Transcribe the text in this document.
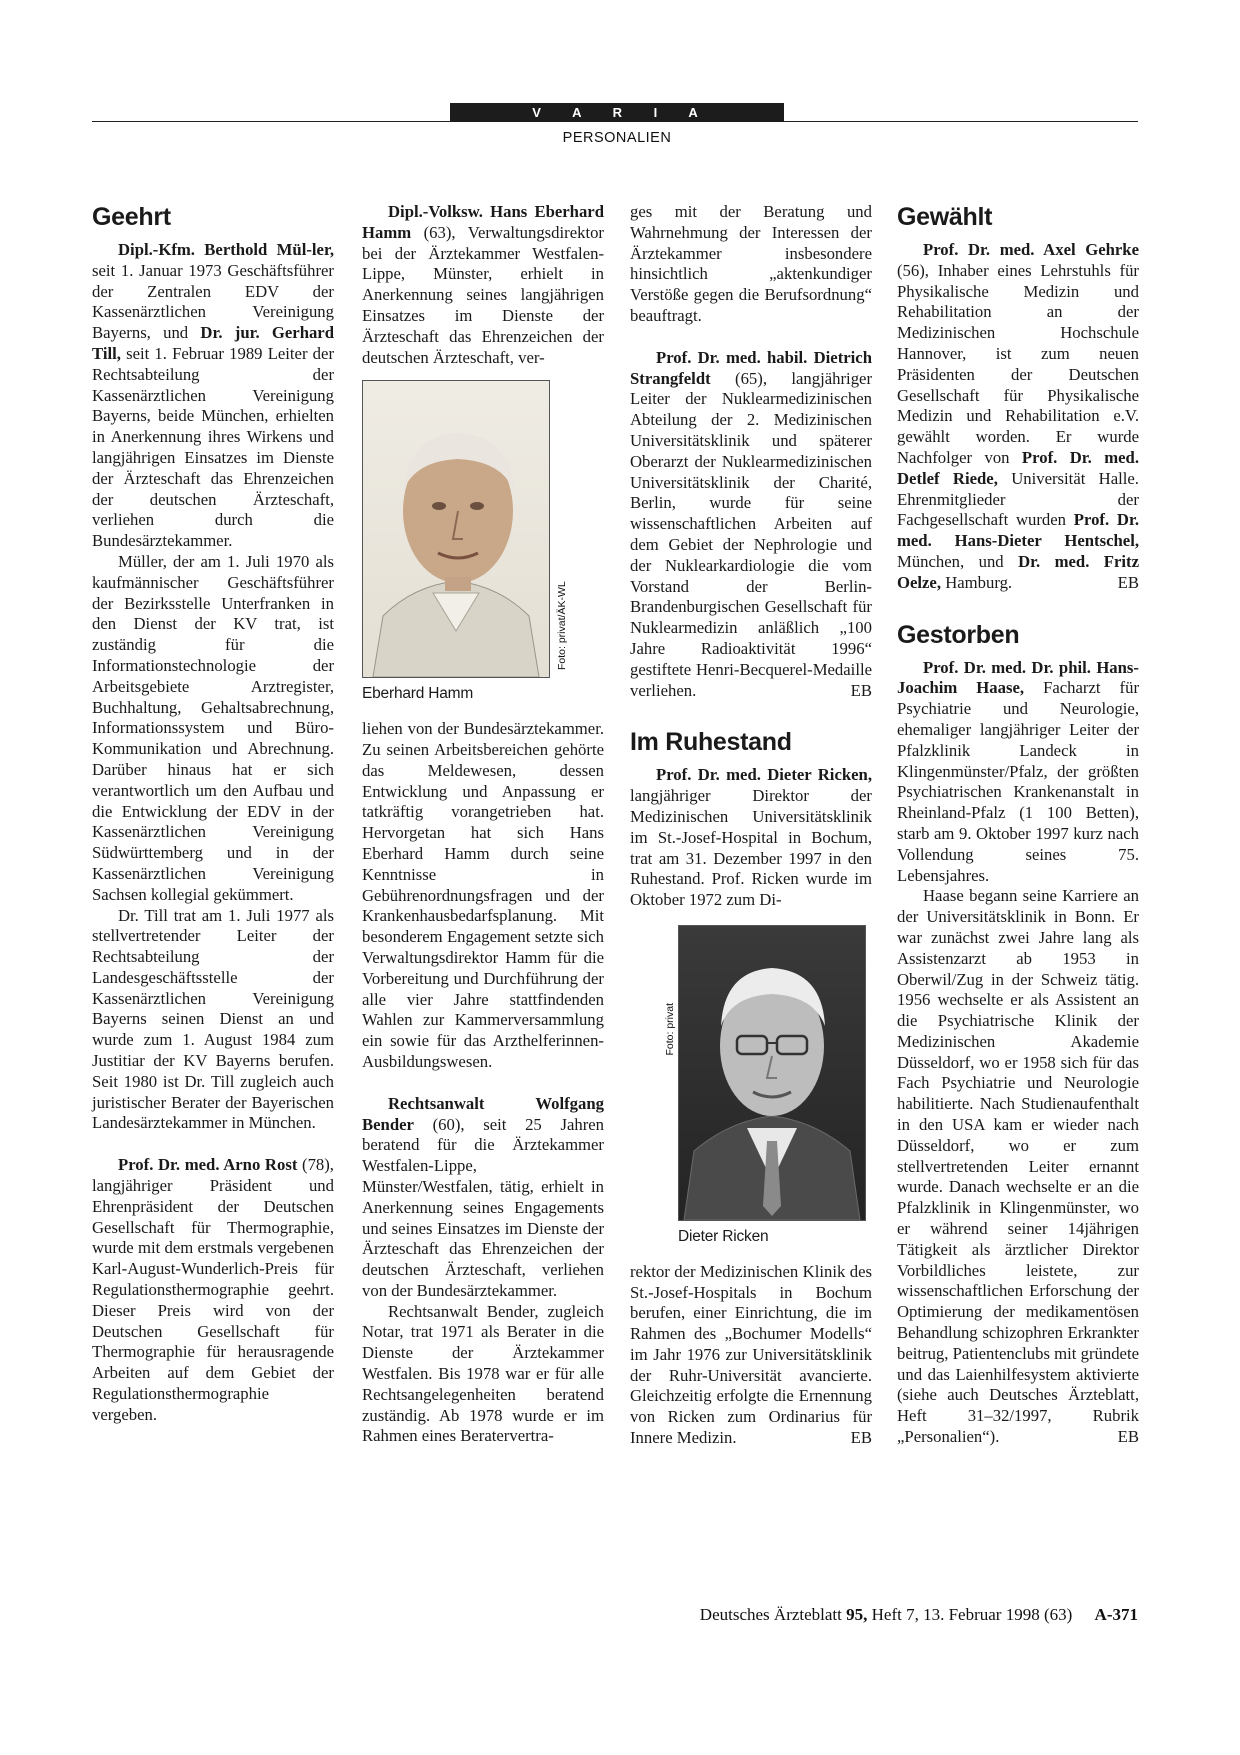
V A R I A
PERSONALIEN
Geehrt

Dipl.-Kfm. Berthold Mül-ler, seit 1. Januar 1973 Geschäftsführer der Zentralen EDV der Kassenärztlichen Vereinigung Bayerns, und Dr. jur. Gerhard Till, seit 1. Februar 1989 Leiter der Rechtsabteilung der Kassenärztlichen Vereinigung Bayerns, beide München, erhielten in Anerkennung ihres Wirkens und langjährigen Einsatzes im Dienste der Ärzteschaft das Ehrenzeichen der deutschen Ärzteschaft, verliehen durch die Bundesärztekammer.

Müller, der am 1. Juli 1970 als kaufmännischer Geschäftsführer der Bezirksstelle Unterfranken in den Dienst der KV trat, ist zuständig für die Informationstechnologie der Arbeitsgebiete Arztregister, Buchhaltung, Gehaltsabrechnung, Informationssystem und Büro-Kommunikation und Abrechnung. Darüber hinaus hat er sich verantwortlich um den Aufbau und die Entwicklung der EDV in der Kassenärztlichen Vereinigung Südwürttemberg und in der Kassenärztlichen Vereinigung Sachsen kollegial gekümmert.

Dr. Till trat am 1. Juli 1977 als stellvertretender Leiter der Rechtsabteilung der Landesgeschäftsstelle der Kassenärztlichen Vereinigung Bayerns seinen Dienst an und wurde zum 1. August 1984 zum Justitiar der KV Bayerns berufen. Seit 1980 ist Dr. Till zugleich auch juristischer Berater der Bayerischen Landesärztekammer in München.

Prof. Dr. med. Arno Rost (78), langjähriger Präsident und Ehrenpräsident der Deutschen Gesellschaft für Thermographie, wurde mit dem erstmals vergebenen Karl-August-Wunderlich-Preis für Regulationsthermographie geehrt. Dieser Preis wird von der Deutschen Gesellschaft für Thermographie für herausragende Arbeiten auf dem Gebiet der Regulationsthermographie vergeben.

Dipl.-Volksw. Hans Eberhard Hamm (63), Verwaltungsdirektor bei der Ärztekammer Westfalen-Lippe, Münster, erhielt in Anerkennung seines langjährigen Einsatzes im Dienste der Ärzteschaft das Ehrenzeichen der deutschen Ärzteschaft, ver-

Foto: privat/ÄK-WL
Eberhard Hamm

liehen von der Bundesärztekammer. Zu seinen Arbeitsbereichen gehörte das Meldewesen, dessen Entwicklung und Anpassung er tatkräftig vorangetrieben hat. Hervorgetan hat sich Hans Eberhard Hamm durch seine Kenntnisse in Gebührenordnungsfragen und der Krankenhausbedarfsplanung. Mit besonderem Engagement setzte sich Verwaltungsdirektor Hamm für die Vorbereitung und Durchführung der alle vier Jahre stattfindenden Wahlen zur Kammerversammlung ein sowie für das Arzthelferinnen-Ausbildungswesen.

Rechtsanwalt Wolfgang Bender (60), seit 25 Jahren beratend für die Ärztekammer Westfalen-Lippe, Münster/Westfalen, tätig, erhielt in Anerkennung seines Engagements und seines Einsatzes im Dienste der Ärzteschaft das Ehrenzeichen der deutschen Ärzteschaft, verliehen von der Bundesärztekammer.

Rechtsanwalt Bender, zugleich Notar, trat 1971 als Berater in die Dienste der Ärztekammer Westfalen. Bis 1978 war er für alle Rechtsangelegenheiten beratend zuständig. Ab 1978 wurde er im Rahmen eines Beratervertra-

ges mit der Beratung und Wahrnehmung der Interessen der Ärztekammer insbesondere hinsichtlich „aktenkundiger Verstöße gegen die Berufsordnung“ beauftragt.

Prof. Dr. med. habil. Dietrich Strangfeldt (65), langjähriger Leiter der Nuklearmedizinischen Abteilung der 2. Medizinischen Universitätsklinik und späterer Oberarzt der Nuklearmedizinischen Universitätsklinik der Charité, Berlin, wurde für seine wissenschaftlichen Arbeiten auf dem Gebiet der Nephrologie und der Nuklearkardiologie die vom Vorstand der Berlin-Brandenburgischen Gesellschaft für Nuklearmedizin anläßlich „100 Jahre Radioaktivität 1996“ gestiftete Henri-Becquerel-Medaille verliehen.	EB

Im Ruhestand

Prof. Dr. med. Dieter Ricken, langjähriger Direktor der Medizinischen Universitätsklinik im St.-Josef-Hospital in Bochum, trat am 31. Dezember 1997 in den Ruhestand. Prof. Ricken wurde im Oktober 1972 zum Di-

Foto: privat
Dieter Ricken

rektor der Medizinischen Klinik des St.-Josef-Hospitals in Bochum berufen, einer Einrichtung, die im Rahmen des „Bochumer Modells“ im Jahr 1976 zur Universitätsklinik der Ruhr-Universität avancierte. Gleichzeitig erfolgte die Ernennung von Ricken zum Ordinarius für Innere Medizin.	EB

Gewählt

Prof. Dr. med. Axel Gehrke (56), Inhaber eines Lehrstuhls für Physikalische Medizin und Rehabilitation an der Medizinischen Hochschule Hannover, ist zum neuen Präsidenten der Deutschen Gesellschaft für Physikalische Medizin und Rehabilitation e.V. gewählt worden. Er wurde Nachfolger von Prof. Dr. med. Detlef Riede, Universität Halle. Ehrenmitglieder der Fachgesellschaft wurden Prof. Dr. med. Hans-Dieter Hentschel, München, und Dr. med. Fritz Oelze, Hamburg.	EB

Gestorben

Prof. Dr. med. Dr. phil. Hans-Joachim Haase, Facharzt für Psychiatrie und Neurologie, ehemaliger langjähriger Leiter der Pfalzklinik Landeck in Klingenmünster/Pfalz, der größten Psychiatrischen Krankenanstalt in Rheinland-Pfalz (1 100 Betten), starb am 9. Oktober 1997 kurz nach Vollendung seines 75. Lebensjahres.

Haase begann seine Karriere an der Universitätsklinik in Bonn. Er war zunächst zwei Jahre lang als Assistenzarzt ab 1953 in Oberwil/Zug in der Schweiz tätig. 1956 wechselte er als Assistent an die Psychiatrische Klinik der Medizinischen Akademie Düsseldorf, wo er 1958 sich für das Fach Psychiatrie und Neurologie habilitierte. Nach Studienaufenthalt in den USA kam er wieder nach Düsseldorf, wo er zum stellvertretenden Leiter ernannt wurde. Danach wechselte er an die Pfalzklinik in Klingenmünster, wo er während seiner 14jährigen Tätigkeit als ärztlicher Direktor Vorbildliches leistete, zur wissenschaftlichen Erforschung der Optimierung der medikamentösen Behandlung schizophren Erkrankter beitrug, Patientenclubs mit gründete und das Laienhilfesystem aktivierte (siehe auch Deutsches Ärzteblatt, Heft 31–32/1997, Rubrik „Personalien“).	EB

Deutsches Ärzteblatt 95, Heft 7, 13. Februar 1998 (63) A-371
